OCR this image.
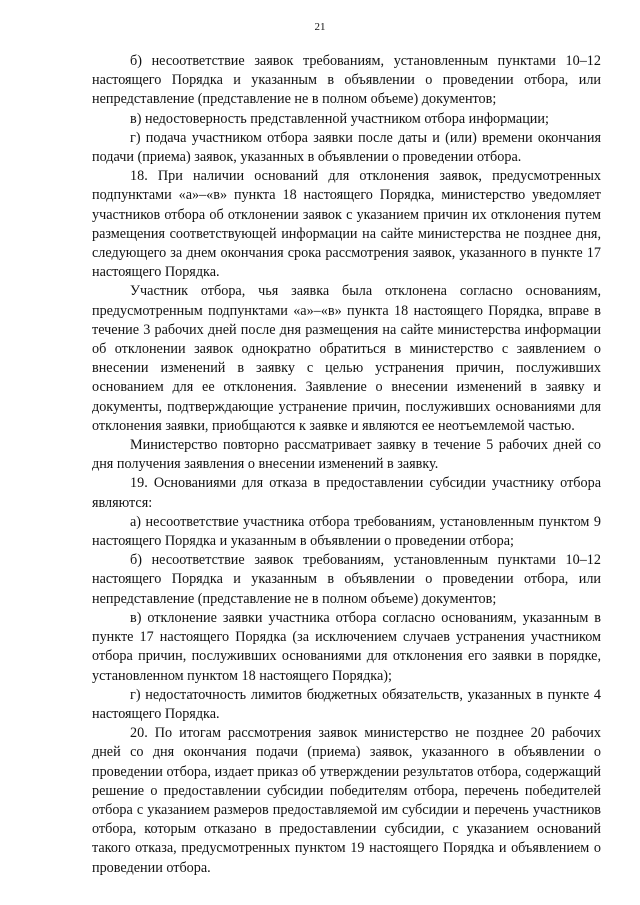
21

б) несоответствие заявок требованиям, установленным пунктами 10–12 настоящего Порядка и указанным в объявлении о проведении отбора, или непредставление (представление не в полном объеме) документов;

в) недостоверность представленной участником отбора информации;

г) подача участником отбора заявки после даты и (или) времени окончания подачи (приема) заявок, указанных в объявлении о проведении отбора.

18. При наличии оснований для отклонения заявок, предусмотренных подпунктами «а»–«в» пункта 18 настоящего Порядка, министерство уведомляет участников отбора об отклонении заявок с указанием причин их отклонения путем размещения соответствующей информации на сайте министерства не позднее дня, следующего за днем окончания срока рассмотрения заявок, указанного в пункте 17 настоящего Порядка.

Участник отбора, чья заявка была отклонена согласно основаниям, предусмотренным подпунктами «а»–«в» пункта 18 настоящего Порядка, вправе в течение 3 рабочих дней после дня размещения на сайте министерства информации об отклонении заявок однократно обратиться в министерство с заявлением о внесении изменений в заявку с целью устранения причин, послуживших основанием для ее отклонения. Заявление о внесении изменений в заявку и документы, подтверждающие устранение причин, послуживших основаниями для отклонения заявки, приобщаются к заявке и являются ее неотъемлемой частью.

Министерство повторно рассматривает заявку в течение 5 рабочих дней со дня получения заявления о внесении изменений в заявку.

19. Основаниями для отказа в предоставлении субсидии участнику отбора являются:

а) несоответствие участника отбора требованиям, установленным пунктом 9 настоящего Порядка и указанным в объявлении о проведении отбора;

б) несоответствие заявок требованиям, установленным пунктами 10–12 настоящего Порядка и указанным в объявлении о проведении отбора, или непредставление (представление не в полном объеме) документов;

в) отклонение заявки участника отбора согласно основаниям, указанным в пункте 17 настоящего Порядка (за исключением случаев устранения участником отбора причин, послуживших основаниями для отклонения его заявки в порядке, установленном пунктом 18 настоящего Порядка);

г) недостаточность лимитов бюджетных обязательств, указанных в пункте 4 настоящего Порядка.

20. По итогам рассмотрения заявок министерство не позднее 20 рабочих дней со дня окончания подачи (приема) заявок, указанного в объявлении о проведении отбора, издает приказ об утверждении результатов отбора, содержащий решение о предоставлении субсидии победителям отбора, перечень победителей отбора с указанием размеров предоставляемой им субсидии и перечень участников отбора, которым отказано в предоставлении субсидии, с указанием оснований такого отказа, предусмотренных пунктом 19 настоящего Порядка и объявлением о проведении отбора.
